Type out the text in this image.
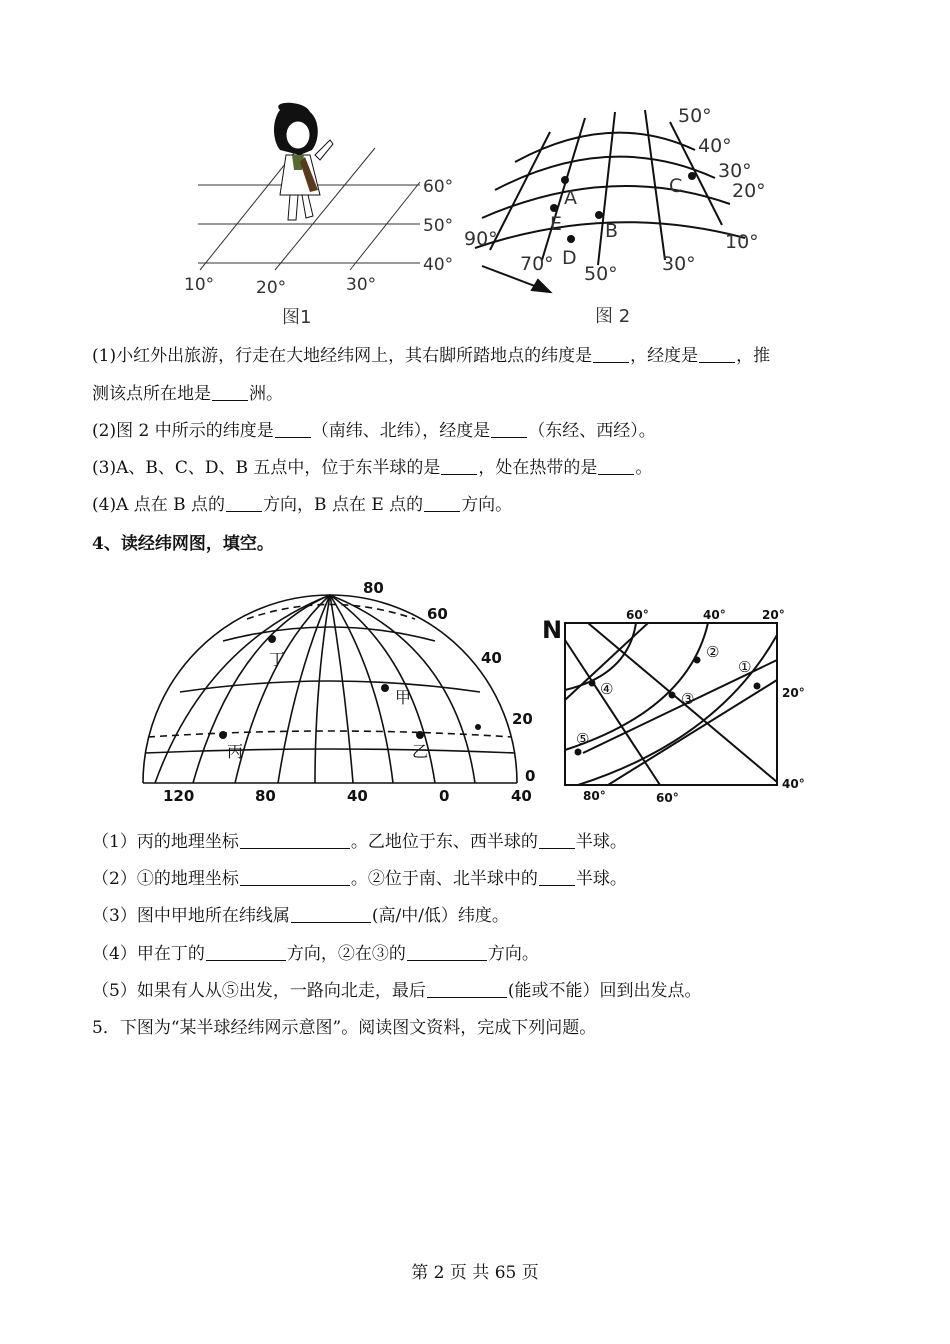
60°
50°
40°
10° 20°	30°
图1
50°
40°
30°
20°
10°
90°
70° 50° 30°
A
C
E B
D
图 2
(1)小红外出旅游，行走在大地经纬网上，其右脚所踏地点的纬度是 ，经度是 ，推
测该点所在地是 洲。
(2)图 2 中所示的纬度是 （南纬、北纬），经度是 （东经、西经）。
(3)A、B、C、D、B 五点中，位于东半球的是 ，处在热带的是 。
(4)A 点在 B 点的 方向，B 点在 E 点的 方向。
4、读经纬网图，填空。
80
60
40
20
0
120	80	40	0	40
丁
甲
丙	乙
N
①
②
③
④
⑤
60°	40°	20°
20°
40°
80°	60°
（1）丙的地理坐标	。乙地位于东、西半球的 半球。
（2）①的地理坐标	。②位于南、北半球中的 半球。
（3）图中甲地所在纬线属	(高/中/低）纬度。
（4）甲在丁的	方向，②在③的	方向。
（5）如果有人从⑤出发，一路向北走，最后	(能或不能）回到出发点。
5．下图为“某半球经纬网示意图”。阅读图文资料，完成下列问题。
第 2 页 共 65 页
